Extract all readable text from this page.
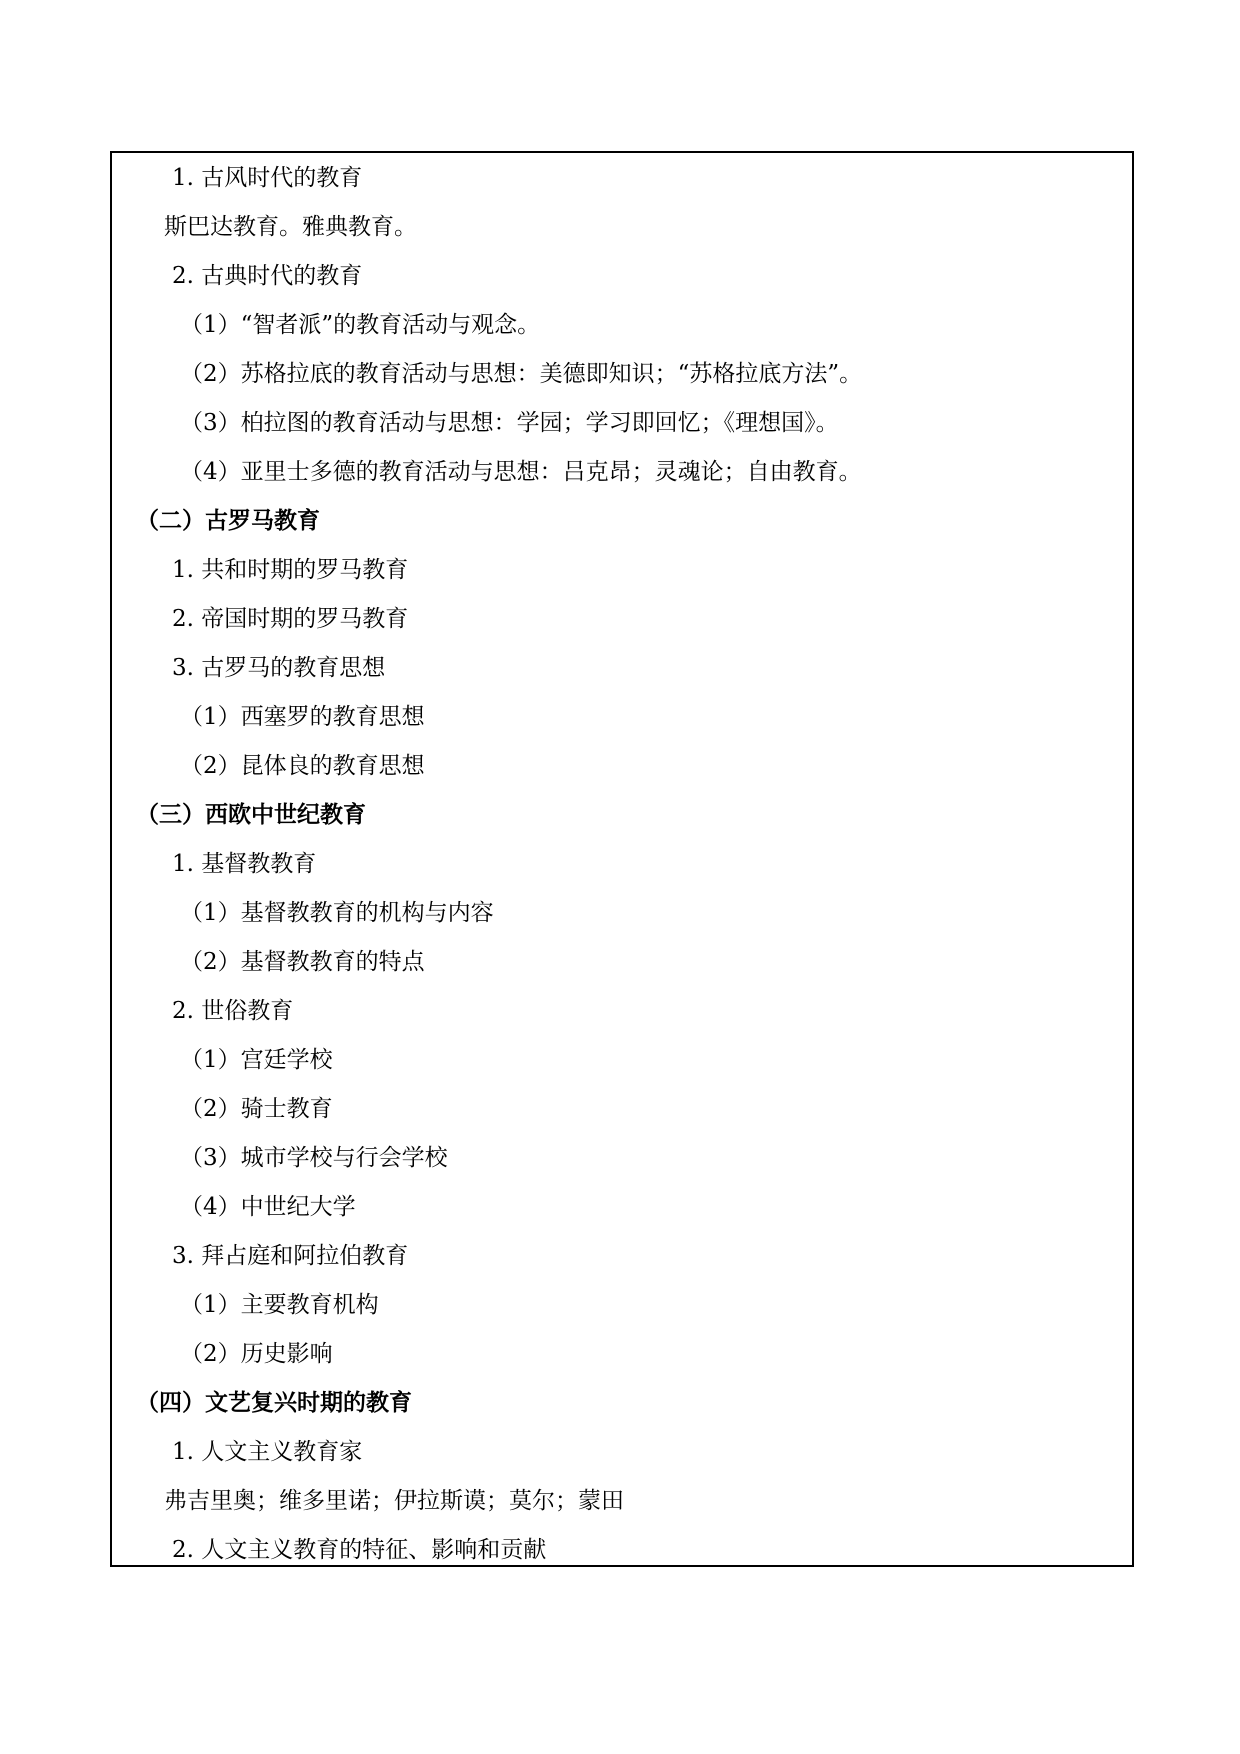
1. 古风时代的教育
斯巴达教育。雅典教育。
2. 古典时代的教育
（1）“智者派”的教育活动与观念。
（2）苏格拉底的教育活动与思想：美德即知识；“苏格拉底方法”。
（3）柏拉图的教育活动与思想：学园；学习即回忆；《理想国》。
（4）亚里士多德的教育活动与思想：吕克昂；灵魂论；自由教育。
（二）古罗马教育
1. 共和时期的罗马教育
2. 帝国时期的罗马教育
3. 古罗马的教育思想
（1）西塞罗的教育思想
（2）昆体良的教育思想
（三）西欧中世纪教育
1. 基督教教育
（1）基督教教育的机构与内容
（2）基督教教育的特点
2. 世俗教育
（1）宫廷学校
（2）骑士教育
（3）城市学校与行会学校
（4）中世纪大学
3. 拜占庭和阿拉伯教育
（1）主要教育机构
（2）历史影响
（四）文艺复兴时期的教育
1. 人文主义教育家
弗吉里奥；维多里诺；伊拉斯谟；莫尔；蒙田
2. 人文主义教育的特征、影响和贡献
